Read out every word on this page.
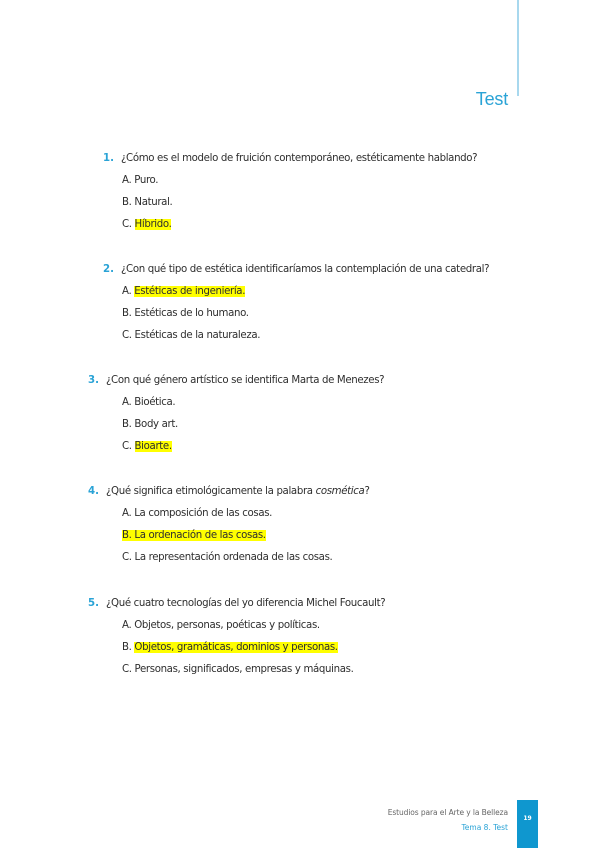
Test
1. ¿Cómo es el modelo de fruición contemporáneo, estéticamente hablando?
A. Puro.
B. Natural.
C. Híbrido.
2. ¿Con qué tipo de estética identificaríamos la contemplación de una catedral?
A. Estéticas de ingeniería.
B. Estéticas de lo humano.
C. Estéticas de la naturaleza.
3. ¿Con qué género artístico se identifica Marta de Menezes?
A. Bioética.
B. Body art.
C. Bioarte.
4. ¿Qué significa etimológicamente la palabra cosmética?
A. La composición de las cosas.
B. La ordenación de las cosas.
C. La representación ordenada de las cosas.
5. ¿Qué cuatro tecnologías del yo diferencia Michel Foucault?
A. Objetos, personas, poéticas y políticas.
B. Objetos, gramáticas, dominios y personas.
C. Personas, significados, empresas y máquinas.
Estudios para el Arte y la Belleza
Tema 8. Test
19
